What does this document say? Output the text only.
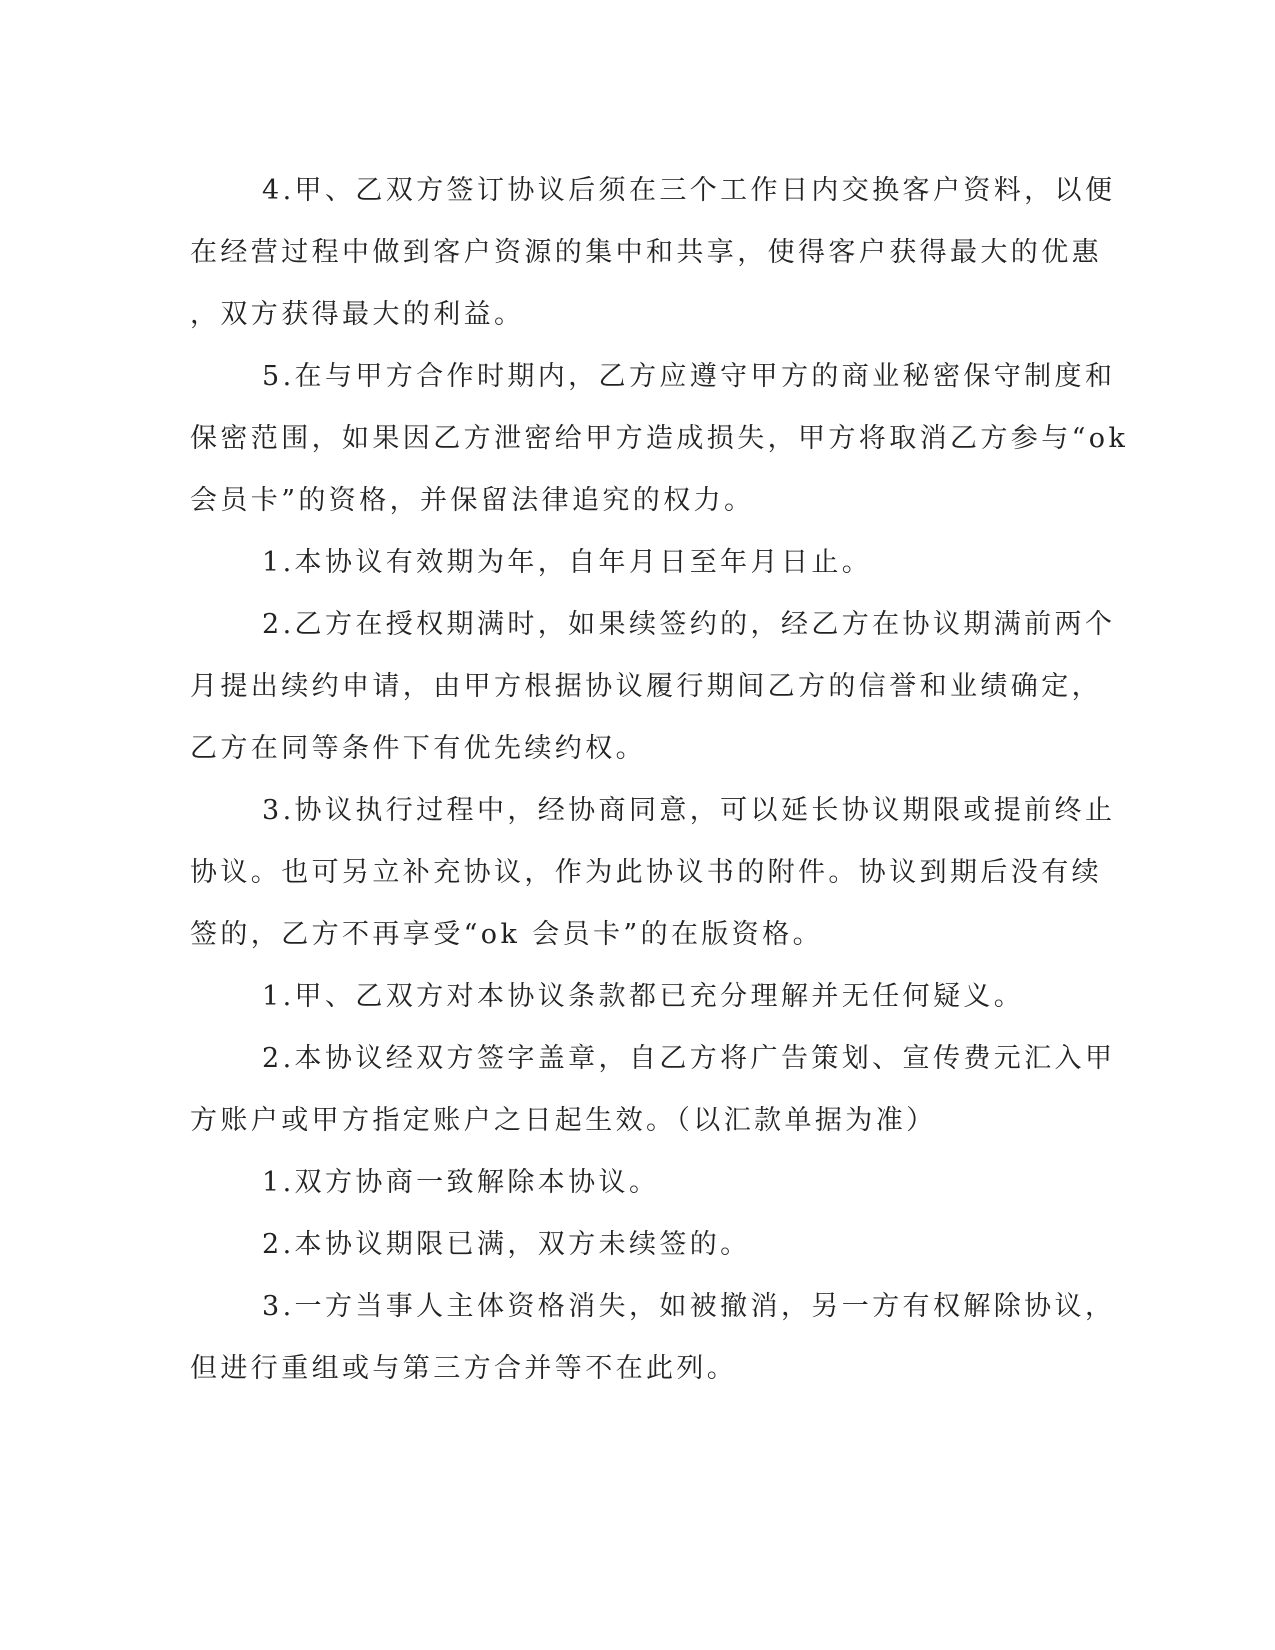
4.甲、乙双方签订协议后须在三个工作日内交换客户资料，以便
在经营过程中做到客户资源的集中和共享，使得客户获得最大的优惠
，双方获得最大的利益。

5.在与甲方合作时期内，乙方应遵守甲方的商业秘密保守制度和
保密范围，如果因乙方泄密给甲方造成损失，甲方将取消乙方参与“ok
会员卡”的资格，并保留法律追究的权力。

1.本协议有效期为年，自年月日至年月日止。

2.乙方在授权期满时，如果续签约的，经乙方在协议期满前两个
月提出续约申请，由甲方根据协议履行期间乙方的信誉和业绩确定，
乙方在同等条件下有优先续约权。

3.协议执行过程中，经协商同意，可以延长协议期限或提前终止
协议。也可另立补充协议，作为此协议书的附件。协议到期后没有续
签的，乙方不再享受“ok 会员卡”的在版资格。

1.甲、乙双方对本协议条款都已充分理解并无任何疑义。

2.本协议经双方签字盖章，自乙方将广告策划、宣传费元汇入甲
方账户或甲方指定账户之日起生效。（以汇款单据为准）

1.双方协商一致解除本协议。

2.本协议期限已满，双方未续签的。

3.一方当事人主体资格消失，如被撤消，另一方有权解除协议，
但进行重组或与第三方合并等不在此列。
